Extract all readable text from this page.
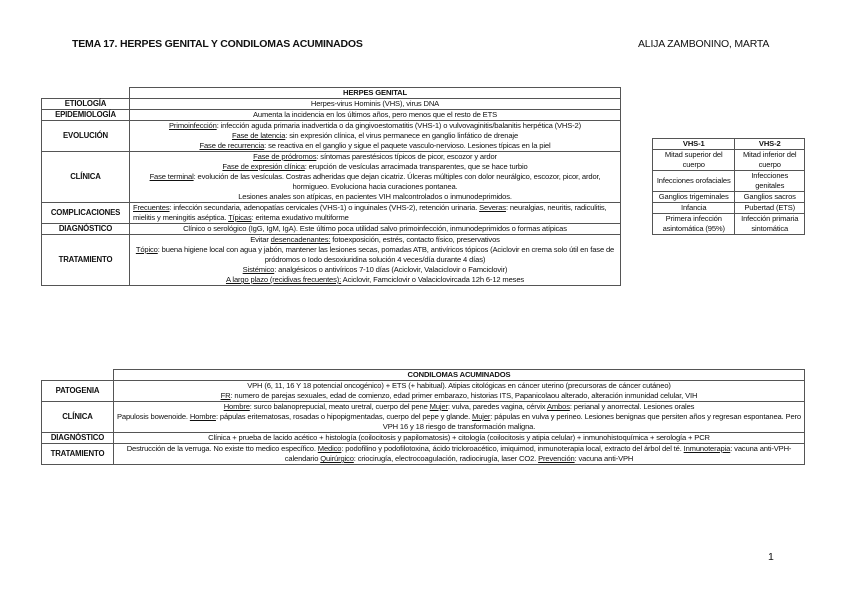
TEMA 17. HERPES GENITAL Y CONDILOMAS ACUMINADOS	ALIJA ZAMBONINO, MARTA
	HERPES GENITAL
ETIOLOGÍA	Herpes-virus Hominis (VHS), virus DNA
EPIDEMIOLOGÍA	Aumenta la incidencia en los últimos años, pero menos que el resto de ETS
EVOLUCIÓN	Primoinfección: infección aguda primaria inadvertida o da gingivoestomatitis (VHS-1) o vulvovaginitis/balanitis herpética (VHS-2)

Fase de latencia: sin expresión clínica, el virus permanece en ganglio linfático de drenaje

Fase de recurrencia: se reactiva en el ganglio y sigue el paquete vasculo-nervioso. Lesiones típicas en la piel

CLÍNICA	Fase de pródromos: síntomas parestésicos típicos de picor, escozor y ardor

Fase de expresión clínica: erupción de vesículas arracimada transparentes, que se hace turbio

Fase terminal: evolución de las vesículas. Costras adheridas que dejan cicatriz. Úlceras múltiples con dolor neurálgico, escozor, picor, ardor, hormigueo. Evoluciona hacia curaciones pontanea.

Lesiones anales son atípicas, en pacientes VIH malcontrolados o inmunodeprimidos.

COMPLICACIONES	Frecuentes: infección secundaria, adenopatías cervicales (VHS-1) o inguinales (VHS-2), retención urinaria. Severas: neuralgias, neuritis, radiculitis, mielitis y meningitis aséptica. Típicas: eritema exudativo multiforme
DIAGNÓSTICO	Clínico o serológico (IgG, IgM, IgA). Este último poca utilidad salvo primoinfección, inmunodeprimidos o formas atípicas
TRATAMIENTO	Evitar desencadenantes: fotoexposición, estrés, contacto físico, preservativos

Tópico: buena higiene local con agua y jabón, mantener las lesiones secas, pomadas ATB, antivíricos tópicos (Aciclovir en crema solo útil en fase de pródromos o Iodo desoxiuridina solución 4 veces/día durante 4 días)

Sistémico: analgésicos o antivíricos 7-10 días (Aciclovir, Valaciclovir o Famciclovir)

A largo plazo (recidivas frecuentes): Aciclovir, Famciclovir o Valaciclovircada 12h 6-12 meses

VHS-1	VHS-2
Mitad superior del cuerpo	Mitad inferior del cuerpo
Infecciones orofaciales	Infecciones genitales
Ganglios trigeminales	Ganglios sacros
Infancia	Pubertad (ETS)
Primera infección asintomática (95%)	Infección primaria sintomática
	CONDILOMAS ACUMINADOS
PATOGENIA	VPH (6, 11, 16 Y 18 potencial oncogénico) + ETS (+ habitual). Atipias citológicas en cáncer uterino (precursoras de cáncer cutáneo)

FR: numero de parejas sexuales, edad de comienzo, edad primer embarazo, historias ITS, Papanicolaou alterado, alteración inmunidad celular, VIH

CLÍNICA	Hombre: surco balanoprepucial, meato uretral, cuerpo del pene Mujer: vulva, paredes vagina, cérvix Ambos: perianal y anorrectal. Lesiones orales

Papulosis bowenoide. Hombre: pápulas eritematosas, rosadas o hipopigmentadas, cuerpo del pepe y glande. Mujer: pápulas en vulva y perineo. Lesiones benignas que persiten años y regresan espontanea. Pero VPH 16 y 18 riesgo de transformación maligna.

DIAGNÓSTICO	Clínica + prueba de lacido acético + histología (coilocitosis y papilomatosis) + citología (coilocitosis y atipia celular) + inmunohistoquímica + serología + PCR
TRATAMIENTO	Destrucción de la verruga. No existe tto medico específico. Medico: podofilino y podofilotoxina, ácido tricloroacético, imiquimod, inmunoterapia local, extracto del árbol del té. Inmunoterapia: vacuna anti-VPH-calendario Quirúrgico: criocirugía, electrocoagulación, radiocirugía, laser CO2. Prevención: vacuna anti-VPH
1
